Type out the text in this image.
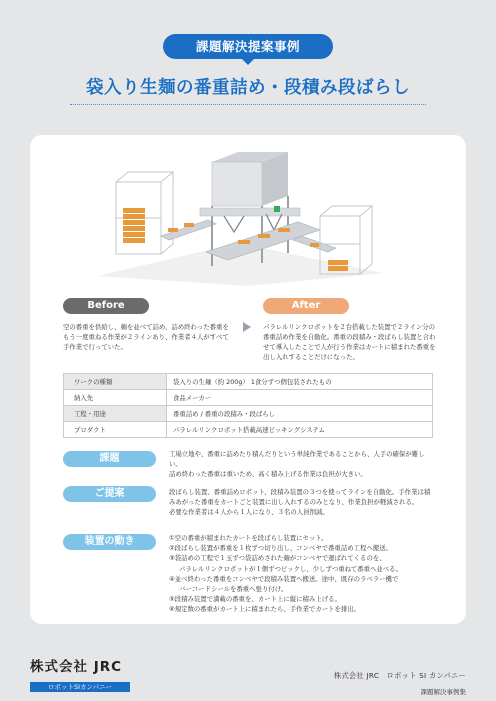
課題解決提案事例
袋入り生麺の番重詰め・段積み段ばらし
Before	After
空の番重を供給し、麺を並べて詰め、詰め終わった番重をもう一度重ねる作業が２ラインあり、作業者４人がすべて手作業で行っていた。
パラレルリンクロボットを２台搭載した装置で２ライン分の番重詰め作業を自動化。番重の段積み・段ばらし装置と合わせて導入したことで人が行う作業はカートに積まれた番重を出し入れすることだけになった。
ワークの種類	袋入りの生麺（約 200g） 1食分ずつ個包装されたもの
納入先	食品メーカー
工程・用途	番重詰め / 番重の段積み・段ばらし
プロダクト	パラレルリンクロボット搭載高速ピッキングシステム
課題	工場立地や、番重に詰めたり積んだりという単純作業であることから、人手の確保が難しい。
詰め終わった番重は重いため、高く積み上げる作業は負担が大きい。
ご提案	段ばらし装置、番重詰めロボット、段積み装置の３つを使ってラインを自動化。手作業は積みあがった番重をカートごと装置に出し入れするのみとなり、作業負担が軽減される。
必要な作業者は４人から１人になり、３名の人員削減。
装置の動き	①空の番重が積まれたカートを段ばらし装置にセット。
②段ばらし装置が番重を１枚ずつ切り出し、コンベヤで番重詰め工程へ搬送。
③袋詰めの工程で１玉ずつ袋詰めされた麺がコンベヤで運ばれてくるのを、
パラレルリンクロボットが１個ずつピックし、少しずつ重ねて番重へ並べる。
④並べ終わった番重をコンベヤで段積み装置へ搬送。途中、既存のラベラー機で
バーコードシールを番重へ張り付け。
⑤段積み装置で満載の番重を、カート上に縦に積み上げる。
⑥規定数の番重がカート上に積まれたら、手作業でカートを排出。
株式会社 JRC
ロボットSIカンパニー
株式会社 JRC　ロボット SI カンパニー
課題解決事例集
